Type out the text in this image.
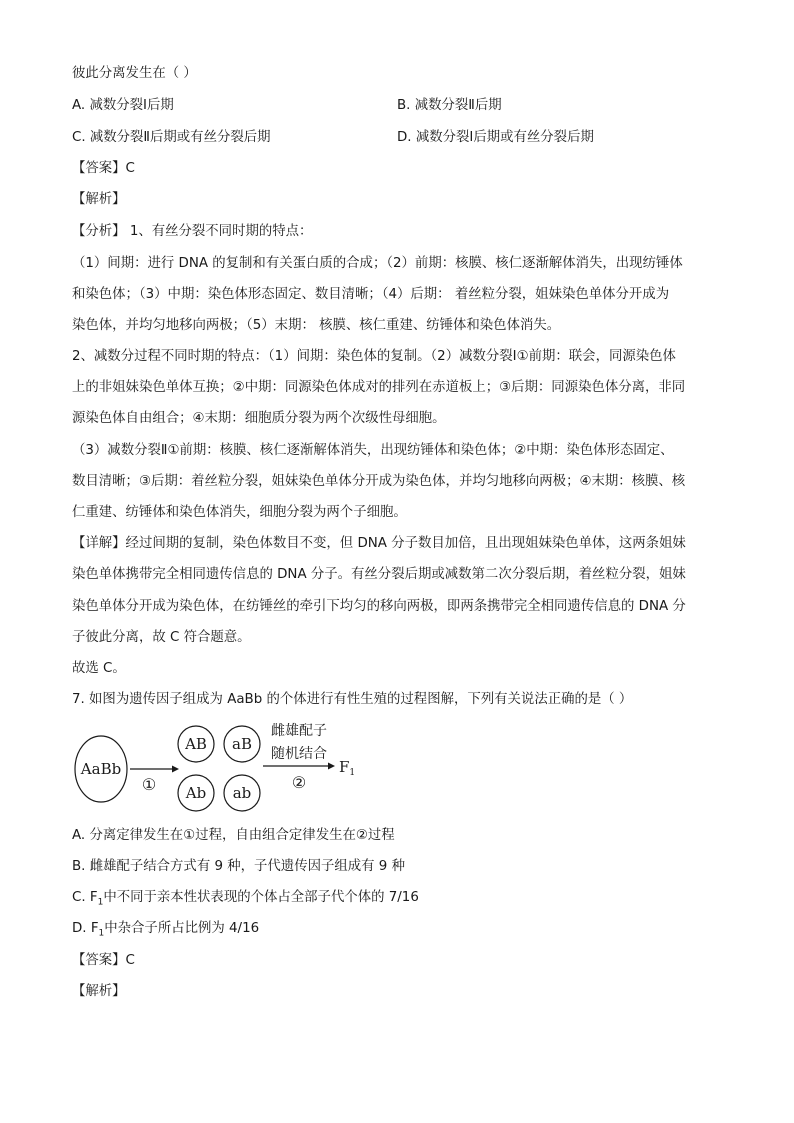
彼此分离发生在（ ）
A. 减数分裂Ⅰ后期	B. 减数分裂Ⅱ后期
C. 减数分裂Ⅱ后期或有丝分裂后期	D. 减数分裂Ⅰ后期或有丝分裂后期
【答案】C
【解析】
【分析】 1、有丝分裂不同时期的特点：
（1）间期：进行 DNA 的复制和有关蛋白质的合成；（2）前期：核膜、核仁逐渐解体消失，出现纺锤体
和染色体；（3）中期：染色体形态固定、数目清晰；（4）后期： 着丝粒分裂，姐妹染色单体分开成为
染色体，并均匀地移向两极；（5）末期： 核膜、核仁重建、纺锤体和染色体消失。
2、减数分过程不同时期的特点：（1）间期：染色体的复制。（2）减数分裂Ⅰ①前期：联会，同源染色体
上的非姐妹染色单体互换；②中期：同源染色体成对的排列在赤道板上；③后期：同源染色体分离，非同
源染色体自由组合；④末期：细胞质分裂为两个次级性母细胞。
（3）减数分裂Ⅱ①前期：核膜、核仁逐渐解体消失，出现纺锤体和染色体；②中期：染色体形态固定、
数目清晰；③后期：着丝粒分裂，姐妹染色单体分开成为染色体，并均匀地移向两极；④末期：核膜、核
仁重建、纺锤体和染色体消失，细胞分裂为两个子细胞。
【详解】经过间期的复制，染色体数目不变，但 DNA 分子数目加倍，且出现姐妹染色单体，这两条姐妹
染色单体携带完全相同遗传信息的 DNA 分子。有丝分裂后期或减数第二次分裂后期，着丝粒分裂，姐妹
染色单体分开成为染色体，在纺锤丝的牵引下均匀的移向两极，即两条携带完全相同遗传信息的 DNA 分
子彼此分离，故 C 符合题意。
故选 C。
7. 如图为遗传因子组成为 AaBb 的个体进行有性生殖的过程图解，下列有关说法正确的是（ ）
AaBb
①
AB aB
Ab ab
雌雄配子
随机结合
②
$F_1$
A. 分离定律发生在①过程，自由组合定律发生在②过程
B. 雌雄配子结合方式有 9 种，子代遗传因子组成有 9 种
C. $F_1$中不同于亲本性状表现的个体占全部子代个体的 7/16
D. $F_1$中杂合子所占比例为 4/16
【答案】C
【解析】
